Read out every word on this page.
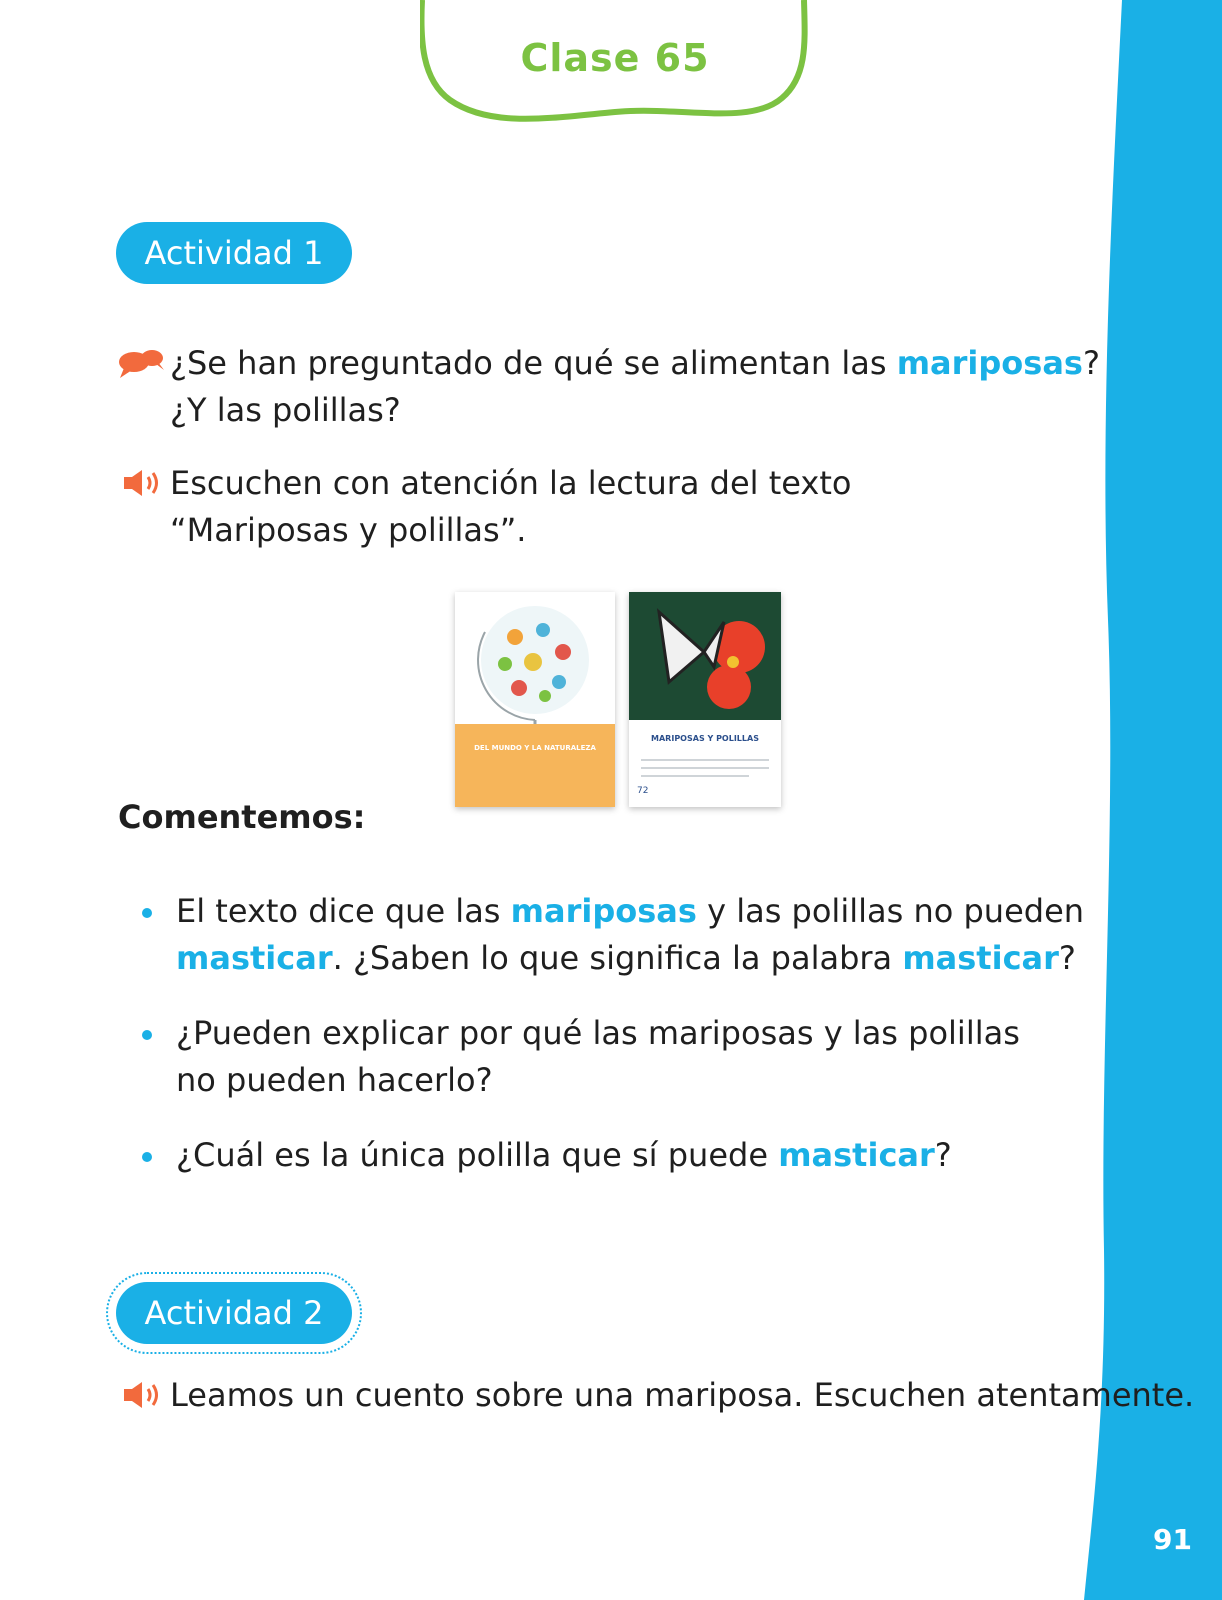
91
Clase 65
Actividad 1
¿Se han preguntado de qué se alimentan las mariposas?
¿Y las polillas?
Escuchen con atención la lectura del texto
“Mariposas y polillas”.
DEL MUNDO Y LA NATURALEZA
MARIPOSAS Y POLILLAS
72
Comentemos:
El texto dice que las mariposas y las polillas no pueden masticar. ¿Saben lo que significa la palabra masticar?
¿Pueden explicar por qué las mariposas y las polillas no pueden hacerlo?
¿Cuál es la única polilla que sí puede masticar?
Actividad 2
Leamos un cuento sobre una mariposa. Escuchen atentamente.
